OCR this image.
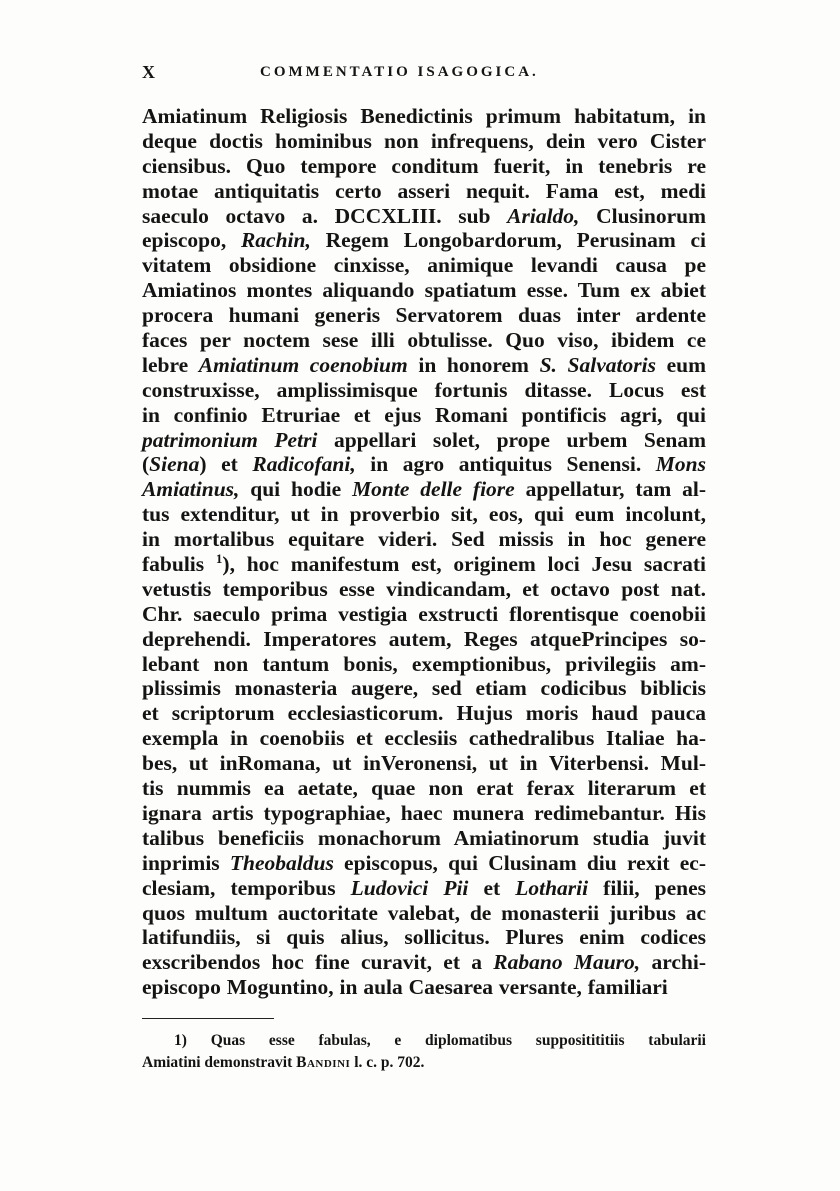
X	COMMENTATIO ISAGOGICA.
Amiatinum Religiosis Benedictinis primum habitatum, in
deque doctis hominibus non infrequens, dein vero Cister
ciensibus. Quo tempore conditum fuerit, in tenebris re
motae antiquitatis certo asseri nequit. Fama est, medi
saeculo octavo a. DCCXLIII. sub Arialdo, Clusinorum
episcopo, Rachin, Regem Longobardorum, Perusinam ci
vitatem obsidione cinxisse, animique levandi causa pe
Amiatinos montes aliquando spatiatum esse. Tum ex abiet
procera humani generis Servatorem duas inter ardente
faces per noctem sese illi obtulisse. Quo viso, ibidem ce
lebre Amiatinum coenobium in honorem S. Salvatoris eum
construxisse, amplissimisque fortunis ditasse. Locus est
in confinio Etruriae et ejus Romani pontificis agri, qui
patrimonium Petri appellari solet, prope urbem Senam
(Siena) et Radicofani, in agro antiquitus Senensi. Mons
Amiatinus, qui hodie Monte delle fiore appellatur, tam al-
tus extenditur, ut in proverbio sit, eos, qui eum incolunt,
in mortalibus equitare videri. Sed missis in hoc genere
fabulis $^1$), hoc manifestum est, originem loci Jesu sacrati
vetustis temporibus esse vindicandam, et octavo post nat.
Chr. saeculo prima vestigia exstructi florentisque coenobii
deprehendi. Imperatores autem, Reges atquePrincipes so-
lebant non tantum bonis, exemptionibus, privilegiis am-
plissimis monasteria augere, sed etiam codicibus biblicis
et scriptorum ecclesiasticorum. Hujus moris haud pauca
exempla in coenobiis et ecclesiis cathedralibus Italiae ha-
bes, ut inRomana, ut inVeronensi, ut in Viterbensi. Mul-
tis nummis ea aetate, quae non erat ferax literarum et
ignara artis typographiae, haec munera redimebantur. His
talibus beneficiis monachorum Amiatinorum studia juvit
inprimis Theobaldus episcopus, qui Clusinam diu rexit ec-
clesiam, temporibus Ludovici Pii et Lotharii filii, penes
quos multum auctoritate valebat, de monasterii juribus ac
latifundiis, si quis alius, sollicitus. Plures enim codices
exscribendos hoc fine curavit, et a Rabano Mauro, archi-
episcopo Moguntino, in aula Caesarea versante, familiari
1) Quas esse fabulas, e diplomatibus suppositititiis tabularii
Amiatini demonstravit Bandini l. c. p. 702.
